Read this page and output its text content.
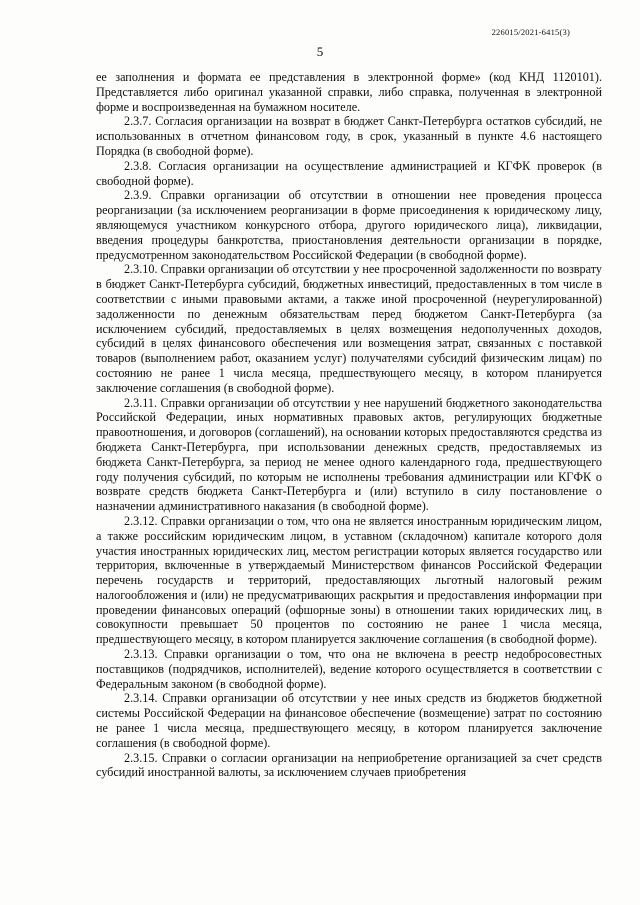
226015/2021-6415(3)
5

ее заполнения и формата ее представления в электронной форме» (код КНД 1120101). Представляется либо оригинал указанной справки, либо справка, полученная в электронной форме и воспроизведенная на бумажном носителе.

2.3.7. Согласия организации на возврат в бюджет Санкт-Петербурга остатков субсидий, не использованных в отчетном финансовом году, в срок, указанный в пункте 4.6 настоящего Порядка (в свободной форме).

2.3.8. Согласия организации на осуществление администрацией и КГФК проверок (в свободной форме).

2.3.9. Справки организации об отсутствии в отношении нее проведения процесса реорганизации (за исключением реорганизации в форме присоединения к юридическому лицу, являющемуся участником конкурсного отбора, другого юридического лица), ликвидации, введения процедуры банкротства, приостановления деятельности организации в порядке, предусмотренном законодательством Российской Федерации (в свободной форме).

2.3.10. Справки организации об отсутствии у нее просроченной задолженности по возврату в бюджет Санкт-Петербурга субсидий, бюджетных инвестиций, предоставленных в том числе в соответствии с иными правовыми актами, а также иной просроченной (неурегулированной) задолженности по денежным обязательствам перед бюджетом Санкт-Петербурга (за исключением субсидий, предоставляемых в целях возмещения недополученных доходов, субсидий в целях финансового обеспечения или возмещения затрат, связанных с поставкой товаров (выполнением работ, оказанием услуг) получателями субсидий физическим лицам) по состоянию не ранее 1 числа месяца, предшествующего месяцу, в котором планируется заключение соглашения (в свободной форме).

2.3.11. Справки организации об отсутствии у нее нарушений бюджетного законодательства Российской Федерации, иных нормативных правовых актов, регулирующих бюджетные правоотношения, и договоров (соглашений), на основании которых предоставляются средства из бюджета Санкт-Петербурга, при использовании денежных средств, предоставляемых из бюджета Санкт-Петербурга, за период не менее одного календарного года, предшествующего году получения субсидий, по которым не исполнены требования администрации или КГФК о возврате средств бюджета Санкт-Петербурга и (или) вступило в силу постановление о назначении административного наказания (в свободной форме).

2.3.12. Справки организации о том, что она не является иностранным юридическим лицом, а также российским юридическим лицом, в уставном (складочном) капитале которого доля участия иностранных юридических лиц, местом регистрации которых является государство или территория, включенные в утверждаемый Министерством финансов Российской Федерации перечень государств и территорий, предоставляющих льготный налоговый режим налогообложения и (или) не предусматривающих раскрытия и предоставления информации при проведении финансовых операций (офшорные зоны) в отношении таких юридических лиц, в совокупности превышает 50 процентов по состоянию не ранее 1 числа месяца, предшествующего месяцу, в котором планируется заключение соглашения (в свободной форме).

2.3.13. Справки организации о том, что она не включена в реестр недобросовестных поставщиков (подрядчиков, исполнителей), ведение которого осуществляется в соответствии с Федеральным законом (в свободной форме).

2.3.14. Справки организации об отсутствии у нее иных средств из бюджетов бюджетной системы Российской Федерации на финансовое обеспечение (возмещение) затрат по состоянию не ранее 1 числа месяца, предшествующего месяцу, в котором планируется заключение соглашения (в свободной форме).

2.3.15. Справки о согласии организации на неприобретение организацией за счет средств субсидий иностранной валюты, за исключением случаев приобретения
